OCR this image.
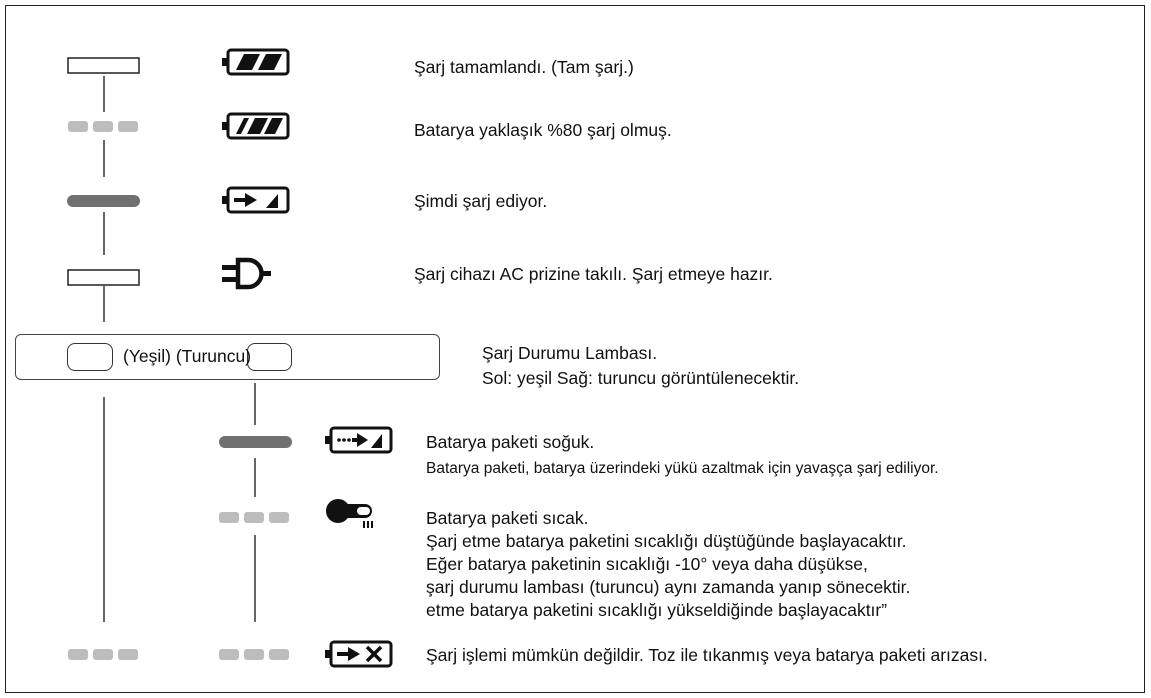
Şarj tamamlandı. (Tam şarj.)
Batarya yaklaşık %80 şarj olmuş.
Şimdi şarj ediyor.
Şarj cihazı AC prizine takılı. Şarj etmeye hazır.
(Yeşil) (Turuncu)	Şarj Durumu Lambası.
Sol: yeşil Sağ: turuncu görüntülenecektir.
Batarya paketi soğuk.
Batarya paketi, batarya üzerindeki yükü azaltmak için yavaşça şarj ediliyor.
Batarya paketi sıcak.
Şarj etme batarya paketini sıcaklığı düştüğünde başlayacaktır.
Eğer batarya paketinin sıcaklığı -10° veya daha düşükse,
şarj durumu lambası (turuncu) aynı zamanda yanıp sönecektir.
etme batarya paketini sıcaklığı yükseldiğinde başlayacaktır”
Şarj işlemi mümkün değildir. Toz ile tıkanmış veya batarya paketi arızası.
